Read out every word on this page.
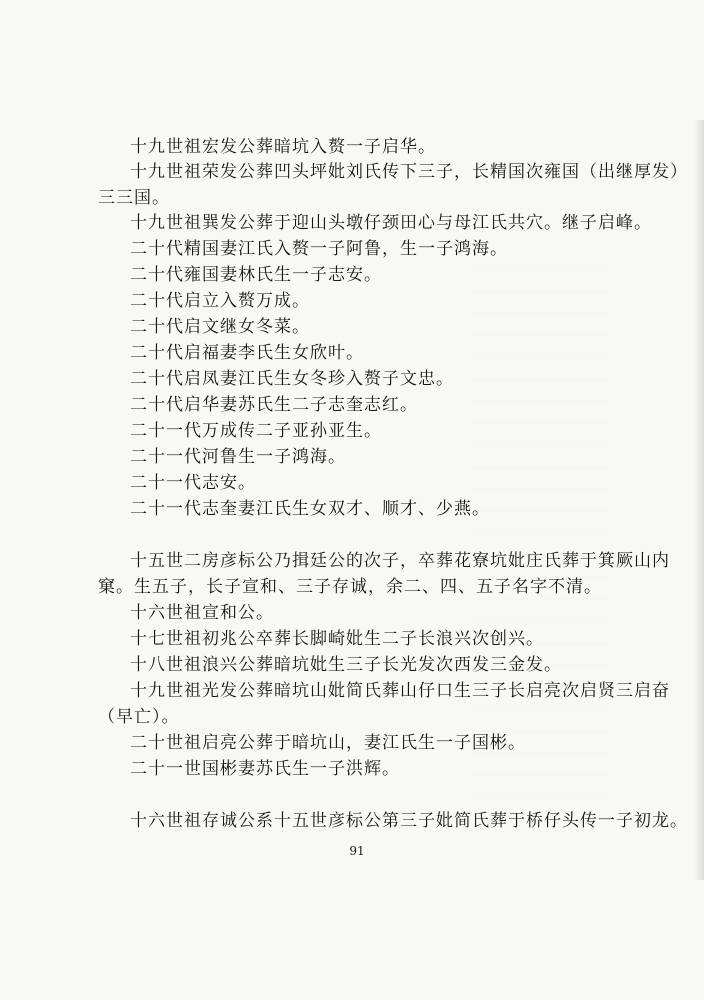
十九世祖宏发公葬暗坑入赘一子启华。
十九世祖荣发公葬凹头坪妣刘氏传下三子，长精国次雍国（出继厚发）
三三国。
十九世祖巽发公葬于迎山头墩仔颈田心与母江氏共穴。继子启峰。
二十代精国妻江氏入赘一子阿鲁，生一子鸿海。
二十代雍国妻林氏生一子志安。
二十代启立入赘万成。
二十代启文继女冬菜。
二十代启福妻李氏生女欣叶。
二十代启凤妻江氏生女冬珍入赘子文忠。
二十代启华妻苏氏生二子志奎志红。
二十一代万成传二子亚孙亚生。
二十一代河鲁生一子鸿海。
二十一代志安。
二十一代志奎妻江氏生女双才、顺才、少燕。
十五世二房彦标公乃揖廷公的次子，卒葬花寮坑妣庄氏葬于箕厥山内
窠。生五子，长子宣和、三子存诚，余二、四、五子名字不清。
十六世祖宣和公。
十七世祖初兆公卒葬长脚崎妣生二子长浪兴次创兴。
十八世祖浪兴公葬暗坑妣生三子长光发次西发三金发。
十九世祖光发公葬暗坑山妣简氏葬山仔口生三子长启亮次启贤三启奋
（早亡）。
二十世祖启亮公葬于暗坑山，妻江氏生一子国彬。
二十一世国彬妻苏氏生一子洪辉。
十六世祖存诚公系十五世彦标公第三子妣简氏葬于桥仔头传一子初龙。
91
